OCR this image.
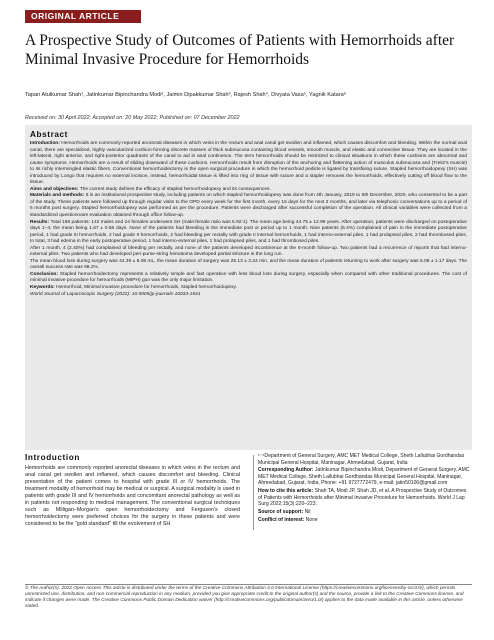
ORIGINAL ARTICLE
A Prospective Study of Outcomes of Patients with Hemorrhoids after Minimal Invasive Procedure for Hemorrhoids
Tapan Atulkumar Shah¹, Jatinkumar Bipinchandra Modi², Jaimin Dipakkumar Shah³, Rajesh Shah⁴, Divyata Vasa⁵, Yagnik Katara⁶
Received on: 30 April 2022; Accepted on: 20 May 2022; Published on: 07 December 2022
Abstract

Introduction: Hemorrhoids are commonly reported anorectal diseases in which veins in the rectum and anal canal get swollen and inflamed, which causes discomfort and bleeding. Within the normal anal canal, there are specialized, highly vascularized cushion-forming discrete masses of thick submucosa containing blood vessels, smooth muscle, and elastic and connective tissue. They are located in the left-lateral, right anterior, and right-posterior quadrants of the canal to aid in anal continence. The term hemorrhoids should be restricted to clinical situations in which these cushions are abnormal and cause symptoms. Hemorrhoids are a result of sliding downward of these cushions. Hemorrhoids result from disruption of the anchoring and flattening action of musculus submucosa and (Treitz's muscle) to its richly intermingled elastic fibers. Conventional hemorrhoidectomy is the open surgical procedure in which the hemorrhoid pedicle is ligated by transfixing suture. Stapled hemorrhoidopexy (SH) was introduced by Longo that requires no external incision, instead, hemorrhoidal tissue is lifted into ring of tissue with suture and a stapler removes the hemorrhoids, effectively cutting off blood flow to the tissue.

Aims and objectives: The current study defines the efficacy of stapled hemorrhoidopexy and its consequences.

Materials and methods: It is an institutional prospective study, including patients on which stapled hemorrhoidopexy was done from 4th January, 2019 to 6th December, 2020, who consented to be a part of the study. These patients were followed up through regular visits to the OPD every week for the first month, every 15 days for the next 2 months, and later via telephonic conversations up to a period of 6 months post surgery. Stapled hemorrhoidopexy was performed as per the procedure. Patients were discharged after successful completion of the operation. All clinical variables were collected from a standardized questionnaire evaluation obtained through office follow-up.

Results: Total 166 patients: 142 males and 24 females underwent SH (male:female ratio was 5.92:1). The mean age being 44.75 ± 12.99 years. After operation, patients were discharged on postoperative days 1–4; the mean being 1.67 ± 0.66 days. None of the patients had bleeding in the immediate post or period up to 1 month. Nine patients (5.4%) complained of pain in the immediate postoperative period, 1 had grade III hemorrhoids, 2 had grade II hemorrhoids, 2 had bleeding per rectally with grade II internal hemorrhoids, 1 had interno-external piles, 1 had prolapsed piles, 2 had thrombosed piles. In total, 3 had edema in the early postoperative period, 1 had interno-external piles, 1 had prolapsed piles, and 1 had thrombosed piles.

After 1 month, 4 (2.40%) had complained of bleeding per rectally, and none of the patients developed incontinence at the 6-month follow-up. Two patients had a recurrence of reports that had interno-external piles. Two patients who had developed peri-purse-string hematoma developed partial stricture in the long run.

The mean blood loss during surgery was 44.39 ± 8.08 mL, the mean duration of surgery was 25.13 ± 3.24 min, and the mean duration of patients returning to work after surgery was 5.08 ± 1.17 days. The overall success rate was 98.2%.

Conclusion: Stapled hemorrhoidectomy represents a relatively simple and fast operation with less blood loss during surgery, especially when compared with other traditional procedures. The cost of minimal invasive procedure for hemorrhoids (MIPH) gun was the only major limitation.

Keywords: Hemorrhoid, Minimal invasive procedure for hemorrhoids, Stapled hemorrhoidopexy.

World Journal of Laparoscopic Surgery (2022): 10.5005/jp-journals-10033-1541

Introduction
Hemorrhoids are commonly reported anorectal diseases in which veins in the rectum and anal canal get swollen and inflamed, which causes discomfort and bleeding. Clinical presentation of the patient comes to hospital with grade III or IV hemorrhoids. The treatment modality of hemorrhoid may be medical or surgical. A surgical modality is used in patients with grade III and IV hemorrhoids and concomitant anorectal pathology as well as in patients not responding to medical management. The conventional surgical techniques such as Milligan–Morgan's open hemorrhoidectomy and Ferguson's closed hemorrhoidectomy were preferred choices for the surgery in these patients and were considered to be the "gold standard" till the evolvement of SH

¹⁻⁶Department of General Surgery, AMC MET Medical College, Sheth Lallubhai Gordhandas Municipal General Hospital, Maninagar, Ahmedabad, Gujarat, India

Corresponding Author: Jatinkumar Bipinchandra Modi, Department of General Surgery, AMC MET Medical College, Sheth Lallubhai Gordhandas Municipal General Hospital, Maninagar, Ahmedabad, Gujarat, India, Phone: +91 9727772479, e-mail: jatin50100@gmail.com

How to cite this article: Shah TA, Modi JP, Shah JD, et al. A Prospective Study of Outcomes of Patients with Hemorrhoids after Minimal Invasive Procedure for Hemorrhoids. World J Lap Surg 2022;15(3):220–223.

Source of support: Nil

Conflict of interest: None

© The Author(s). 2022 Open Access This article is distributed under the terms of the Creative Commons Attribution 4.0 International License (https://creativecommons.org/licenses/by-nc/4.0/), which permits unrestricted use, distribution, and non-commercial reproduction in any medium, provided you give appropriate credit to the original author(s) and the source, provide a link to the Creative Commons license, and indicate if changes were made. The Creative Commons Public Domain Dedication waiver (http://creativecommons.org/publicdomain/zero/1.0/) applies to the data made available in this article, unless otherwise stated.
